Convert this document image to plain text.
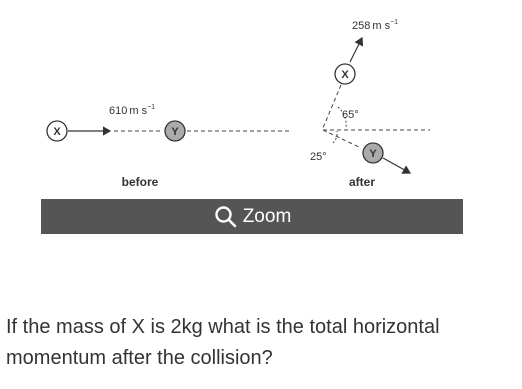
X	Y
610 m $s^{-1}$
before
258 m $s^{-1}$
X
65°
25°	Y
after
Zoom
If the mass of X is 2kg what is the total horizontal momentum after the collision?
